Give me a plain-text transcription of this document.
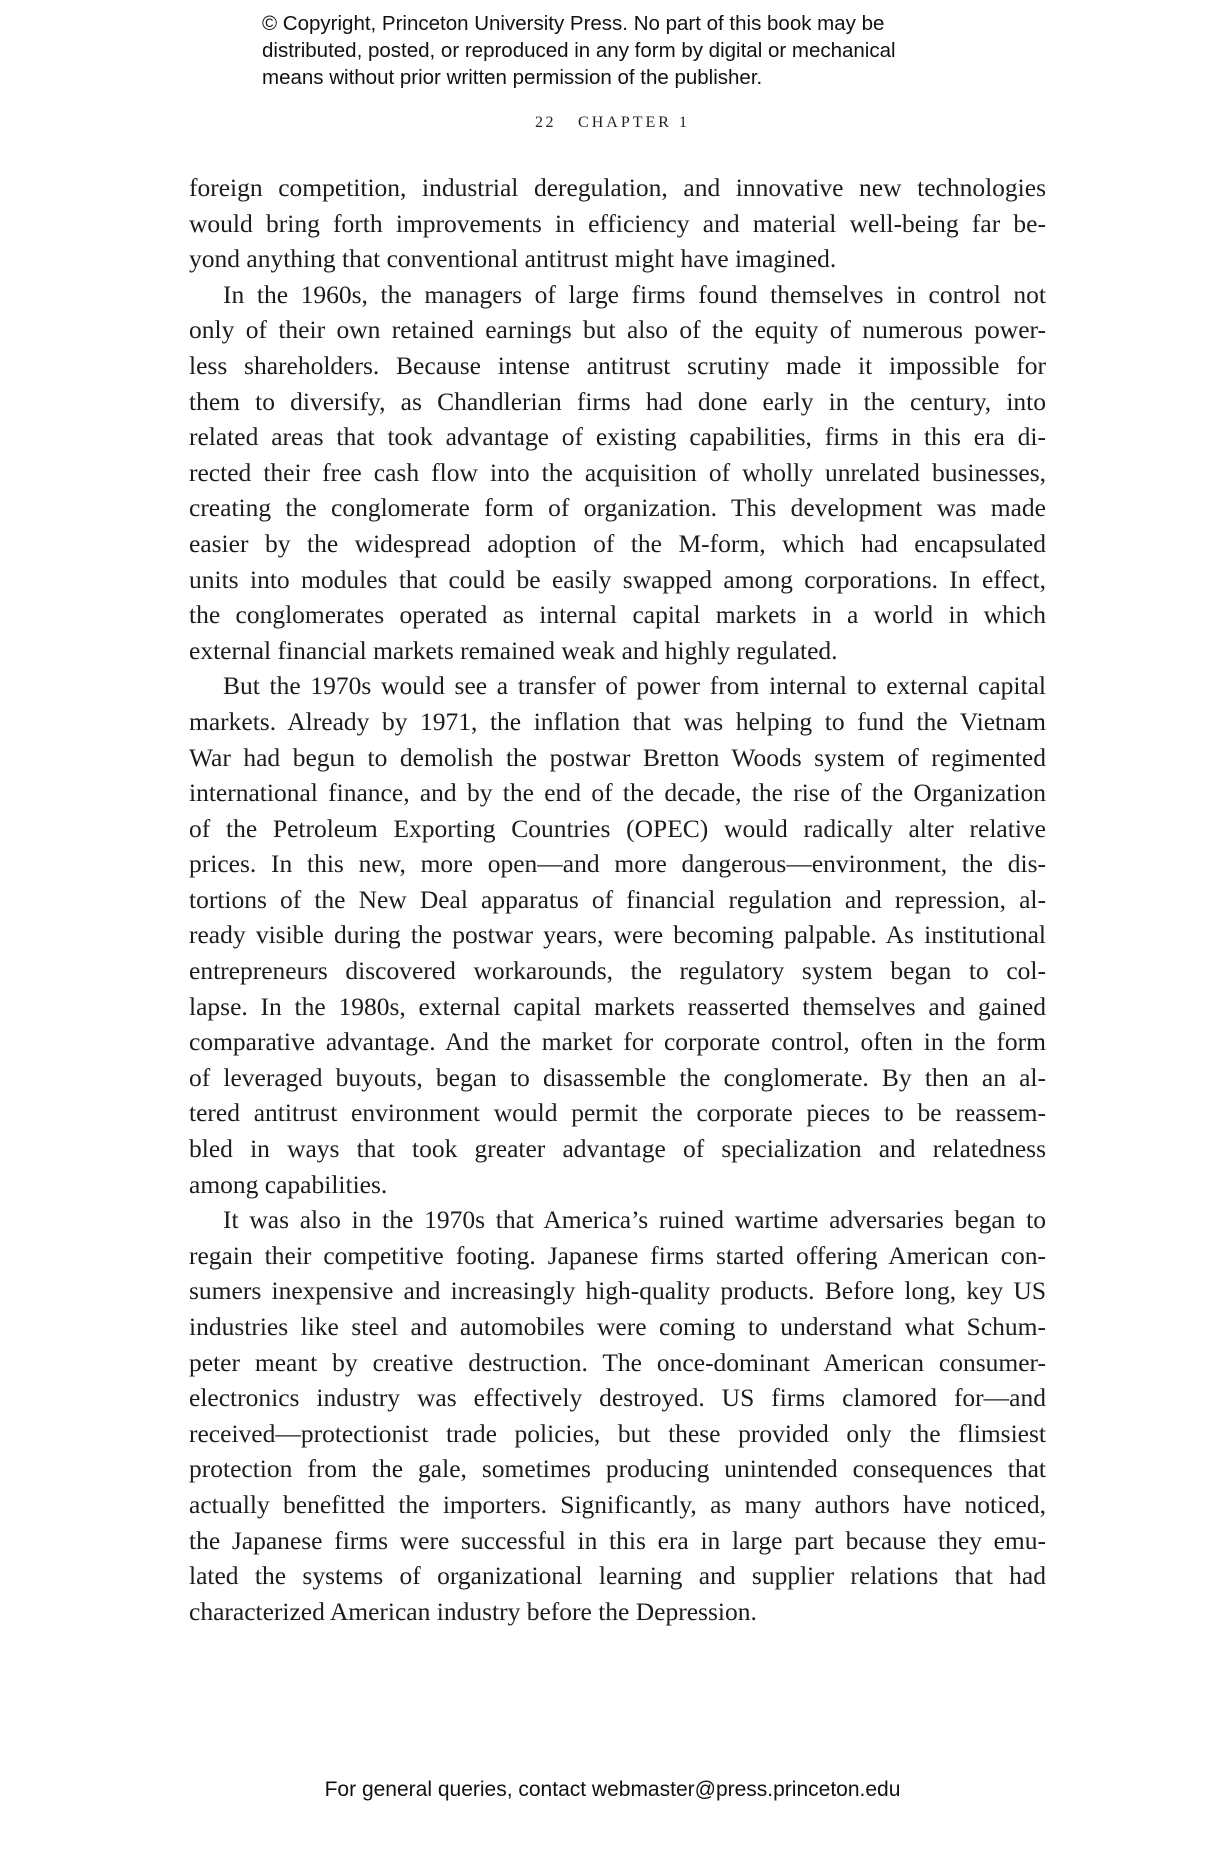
© Copyright, Princeton University Press. No part of this book may be
distributed, posted, or reproduced in any form by digital or mechanical
means without prior written permission of the publisher.
22 CHAPTER 1
foreign competition, industrial deregulation, and innovative new technologies
would bring forth improvements in efficiency and material well-being far be-
yond anything that conventional antitrust might have imagined.
In the 1960s, the managers of large firms found themselves in control not
only of their own retained earnings but also of the equity of numerous power-
less shareholders. Because intense antitrust scrutiny made it impossible for
them to diversify, as Chandlerian firms had done early in the century, into
related areas that took advantage of existing capabilities, firms in this era di-
rected their free cash flow into the acquisition of wholly unrelated businesses,
creating the conglomerate form of organization. This development was made
easier by the widespread adoption of the M-form, which had encapsulated
units into modules that could be easily swapped among corporations. In effect,
the conglomerates operated as internal capital markets in a world in which
external financial markets remained weak and highly regulated.
But the 1970s would see a transfer of power from internal to external capital
markets. Already by 1971, the inflation that was helping to fund the Vietnam
War had begun to demolish the postwar Bretton Woods system of regimented
international finance, and by the end of the decade, the rise of the Organization
of the Petroleum Exporting Countries (OPEC) would radically alter relative
prices. In this new, more open—and more dangerous—environment, the dis-
tortions of the New Deal apparatus of financial regulation and repression, al-
ready visible during the postwar years, were becoming palpable. As institutional
entrepreneurs discovered workarounds, the regulatory system began to col-
lapse. In the 1980s, external capital markets reasserted themselves and gained
comparative advantage. And the market for corporate control, often in the form
of leveraged buyouts, began to disassemble the conglomerate. By then an al-
tered antitrust environment would permit the corporate pieces to be reassem-
bled in ways that took greater advantage of specialization and relatedness
among capabilities.
It was also in the 1970s that America’s ruined wartime adversaries began to
regain their competitive footing. Japanese firms started offering American con-
sumers inexpensive and increasingly high-quality products. Before long, key US
industries like steel and automobiles were coming to understand what Schum-
peter meant by creative destruction. The once-dominant American consumer-
electronics industry was effectively destroyed. US firms clamored for—and
received—protectionist trade policies, but these provided only the flimsiest
protection from the gale, sometimes producing unintended consequences that
actually benefitted the importers. Significantly, as many authors have noticed,
the Japanese firms were successful in this era in large part because they emu-
lated the systems of organizational learning and supplier relations that had
characterized American industry before the Depression.
For general queries, contact webmaster@press.princeton.edu
